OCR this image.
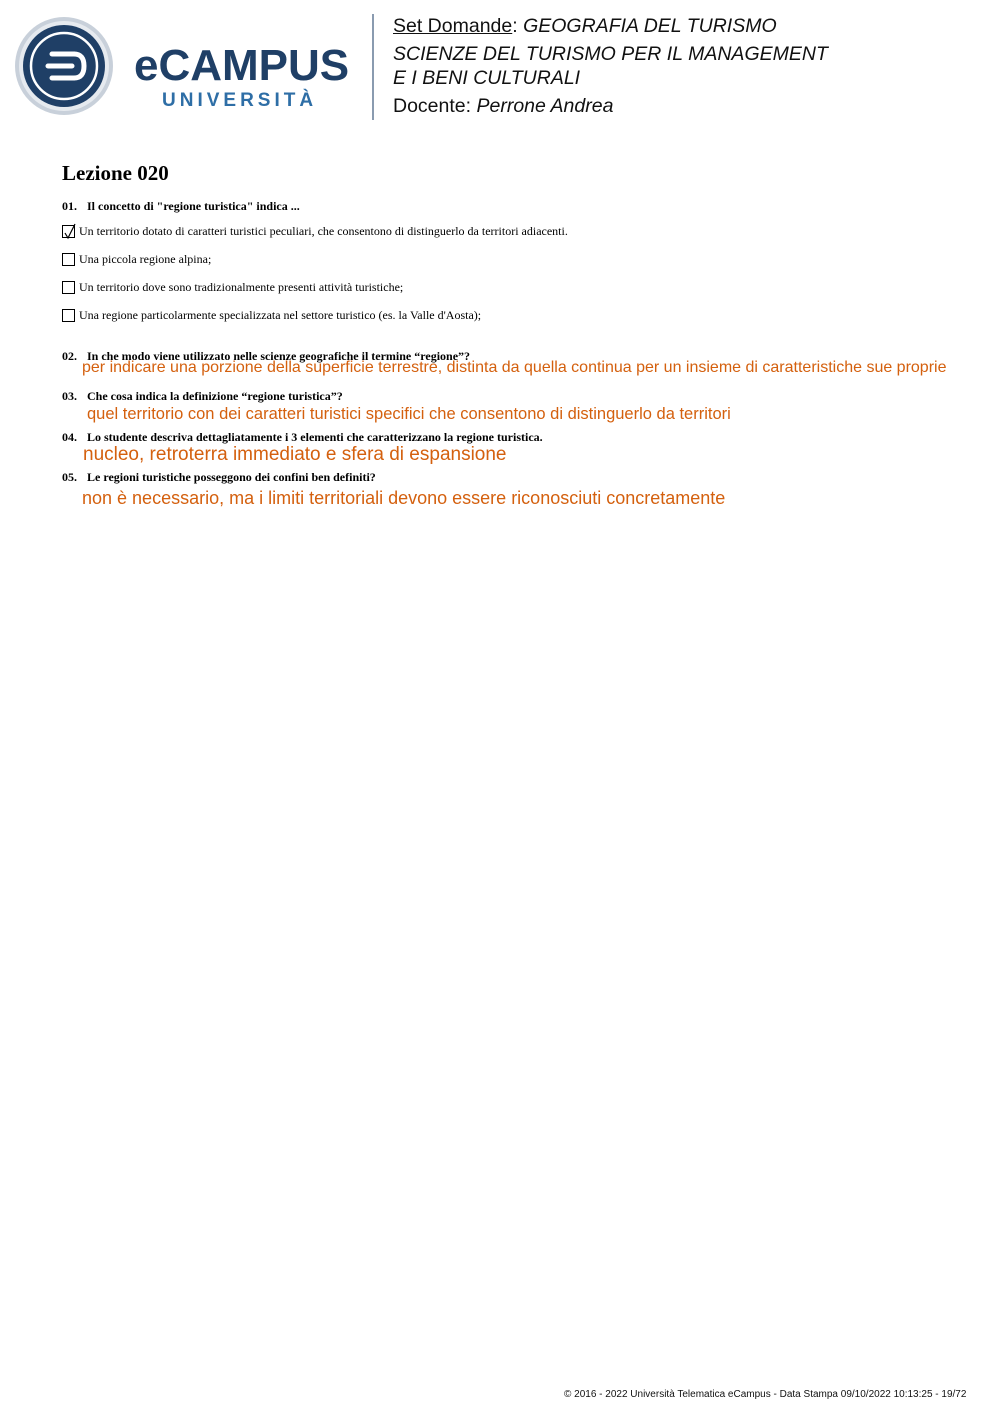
eCAMPUS
UNIVERSITÀ
Set Domande: GEOGRAFIA DEL TURISMO
SCIENZE DEL TURISMO PER IL MANAGEMENT
E I BENI CULTURALI
Docente: Perrone Andrea
Lezione 020
01. Il concetto di "regione turistica" indica ...
Un territorio dotato di caratteri turistici peculiari, che consentono di distinguerlo da territori adiacenti.
Una piccola regione alpina;
Un territorio dove sono tradizionalmente presenti attività turistiche;
Una regione particolarmente specializzata nel settore turistico (es. la Valle d'Aosta);
02. In che modo viene utilizzato nelle scienze geografiche il termine “regione”?
per indicare una porzione della superficie terrestre, distinta da quella continua per un insieme di caratteristiche sue proprie
03. Che cosa indica la definizione “regione turistica”?
quel territorio con dei caratteri turistici specifici che consentono di distinguerlo da territori
04. Lo studente descriva dettagliatamente i 3 elementi che caratterizzano la regione turistica.
nucleo, retroterra immediato e sfera di espansione
05. Le regioni turistiche posseggono dei confini ben definiti?
non è necessario, ma i limiti territoriali devono essere riconosciuti concretamente
© 2016 - 2022 Università Telematica eCampus - Data Stampa 09/10/2022 10:13:25 - 19/72
